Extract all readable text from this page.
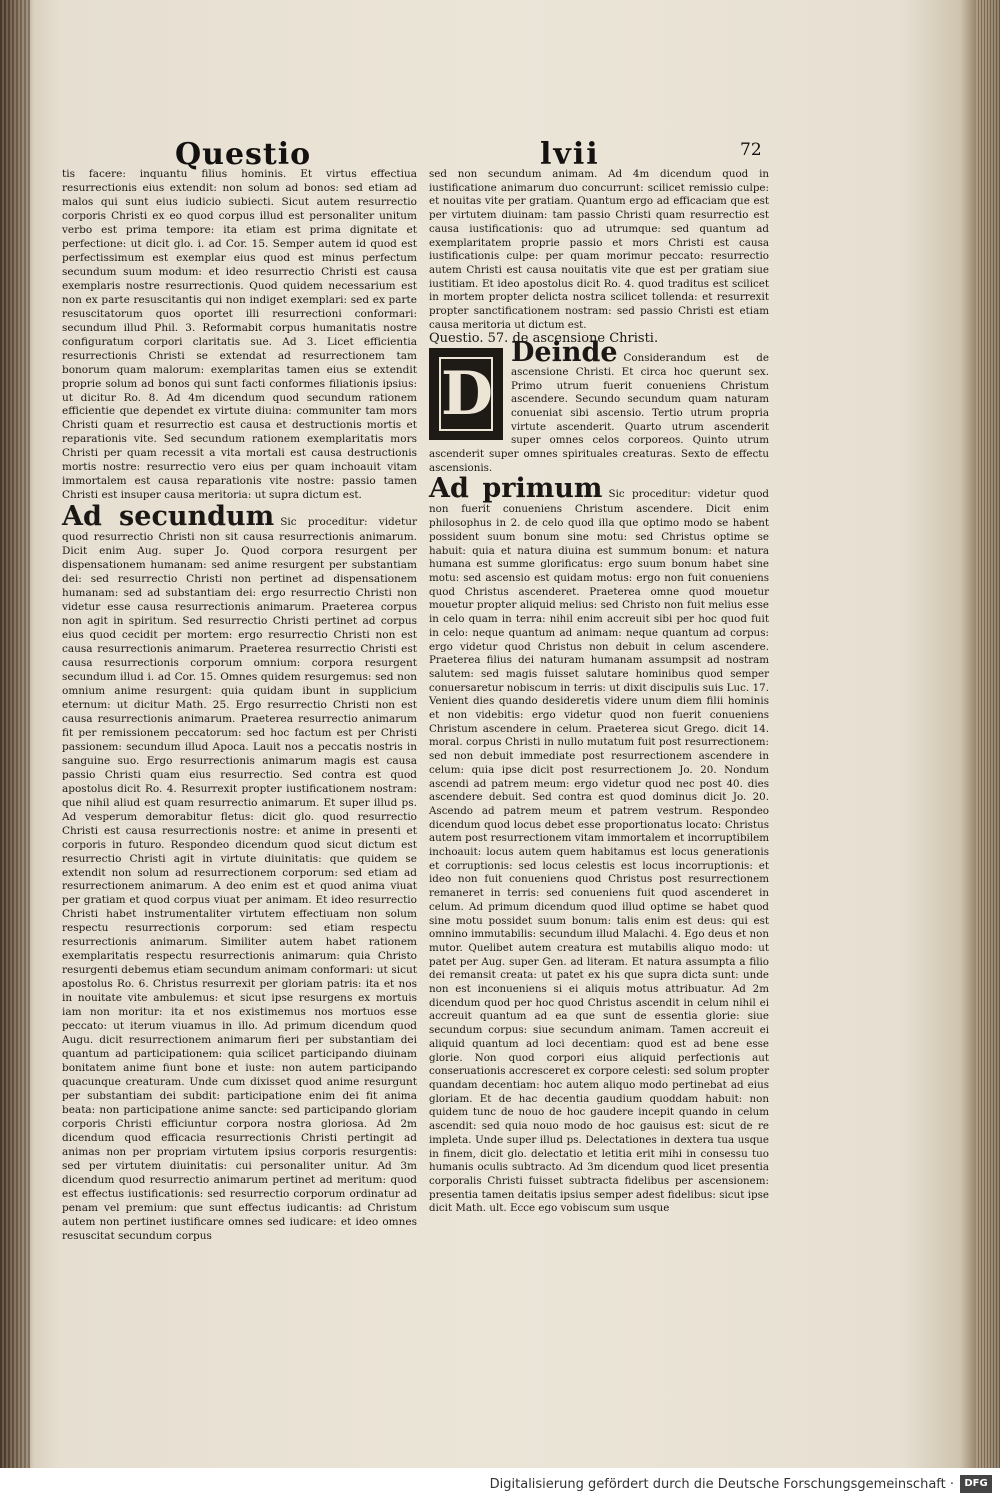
Questio	lvii	72

tis facere: inquantu filius hominis. Et virtus effectiua resurrectionis eius extendit: non solum ad bonos: sed etiam ad malos qui sunt eius iudicio subiecti. Sicut autem resurrectio corporis Christi ex eo quod corpus illud est personaliter unitum verbo est prima tempore: ita etiam est prima dignitate et perfectione: ut dicit glo. i. ad Cor. 15. Semper autem id quod est perfectissimum est exemplar eius quod est minus perfectum secundum suum modum: et ideo resurrectio Christi est causa exemplaris nostre resurrectionis. Quod quidem necessarium est non ex parte resuscitantis qui non indiget exemplari: sed ex parte resuscitatorum quos oportet illi resurrectioni conformari: secundum illud Phil. 3. Reformabit corpus humanitatis nostre configuratum corpori claritatis sue. Ad 3. Licet efficientia resurrectionis Christi se extendat ad resurrectionem tam bonorum quam malorum: exemplaritas tamen eius se extendit proprie solum ad bonos qui sunt facti conformes filiationis ipsius: ut dicitur Ro. 8. Ad 4m dicendum quod secundum rationem efficientie que dependet ex virtute diuina: communiter tam mors Christi quam et resurrectio est causa et destructionis mortis et reparationis vite. Sed secundum rationem exemplaritatis mors Christi per quam recessit a vita mortali est causa destructionis mortis nostre: resurrectio vero eius per quam inchoauit vitam immortalem est causa reparationis vite nostre: passio tamen Christi est insuper causa meritoria: ut supra dictum est.

Ad secundum Sic proceditur: videtur quod resurrectio Christi non sit causa resurrectionis animarum. Dicit enim Aug. super Jo. Quod corpora resurgent per dispensationem humanam: sed anime resurgent per substantiam dei: sed resurrectio Christi non pertinet ad dispensationem humanam: sed ad substantiam dei: ergo resurrectio Christi non videtur esse causa resurrectionis animarum. Praeterea corpus non agit in spiritum. Sed resurrectio Christi pertinet ad corpus eius quod cecidit per mortem: ergo resurrectio Christi non est causa resurrectionis animarum. Praeterea resurrectio Christi est causa resurrectionis corporum omnium: corpora resurgent secundum illud i. ad Cor. 15. Omnes quidem resurgemus: sed non omnium anime resurgent: quia quidam ibunt in supplicium eternum: ut dicitur Math. 25. Ergo resurrectio Christi non est causa resurrectionis animarum. Praeterea resurrectio animarum fit per remissionem peccatorum: sed hoc factum est per Christi passionem: secundum illud Apoca. Lauit nos a peccatis nostris in sanguine suo. Ergo resurrectionis animarum magis est causa passio Christi quam eius resurrectio. Sed contra est quod apostolus dicit Ro. 4. Resurrexit propter iustificationem nostram: que nihil aliud est quam resurrectio animarum. Et super illud ps. Ad vesperum demorabitur fletus: dicit glo. quod resurrectio Christi est causa resurrectionis nostre: et anime in presenti et corporis in futuro. Respondeo dicendum quod sicut dictum est resurrectio Christi agit in virtute diuinitatis: que quidem se extendit non solum ad resurrectionem corporum: sed etiam ad resurrectionem animarum. A deo enim est et quod anima viuat per gratiam et quod corpus viuat per animam. Et ideo resurrectio Christi habet instrumentaliter virtutem effectiuam non solum respectu resurrectionis corporum: sed etiam respectu resurrectionis animarum. Similiter autem habet rationem exemplaritatis respectu resurrectionis animarum: quia Christo resurgenti debemus etiam secundum animam conformari: ut sicut apostolus Ro. 6. Christus resurrexit per gloriam patris: ita et nos in nouitate vite ambulemus: et sicut ipse resurgens ex mortuis iam non moritur: ita et nos existimemus nos mortuos esse peccato: ut iterum viuamus in illo. Ad primum dicendum quod Augu. dicit resurrectionem animarum fieri per substantiam dei quantum ad participationem: quia scilicet participando diuinam bonitatem anime fiunt bone et iuste: non autem participando quacunque creaturam. Unde cum dixisset quod anime resurgunt per substantiam dei subdit: participatione enim dei fit anima beata: non participatione anime sancte: sed participando gloriam corporis Christi efficiuntur corpora nostra gloriosa. Ad 2m dicendum quod efficacia resurrectionis Christi pertingit ad animas non per propriam virtutem ipsius corporis resurgentis: sed per virtutem diuinitatis: cui personaliter unitur. Ad 3m dicendum quod resurrectio animarum pertinet ad meritum: quod est effectus iustificationis: sed resurrectio corporum ordinatur ad penam vel premium: que sunt effectus iudicantis: ad Christum autem non pertinet iustificare omnes sed iudicare: et ideo omnes resuscitat secundum corpus

sed non secundum animam. Ad 4m dicendum quod in iustificatione animarum duo concurrunt: scilicet remissio culpe: et nouitas vite per gratiam. Quantum ergo ad efficaciam que est per virtutem diuinam: tam passio Christi quam resurrectio est causa iustificationis: quo ad utrumque: sed quantum ad exemplaritatem proprie passio et mors Christi est causa iustificationis culpe: per quam morimur peccato: resurrectio autem Christi est causa nouitatis vite que est per gratiam siue iustitiam. Et ideo apostolus dicit Ro. 4. quod traditus est scilicet in mortem propter delicta nostra scilicet tollenda: et resurrexit propter sanctificationem nostram: sed passio Christi est etiam causa meritoria ut dictum est.

Questio. 57. de ascensione Christi.

D

Deinde Considerandum est de ascensione Christi. Et circa hoc querunt sex. Primo utrum fuerit conueniens Christum ascendere. Secundo secundum quam naturam conueniat sibi ascensio. Tertio utrum propria virtute ascenderit. Quarto utrum ascenderit super omnes celos corporeos. Quinto utrum ascenderit super omnes spirituales creaturas. Sexto de effectu ascensionis.

Ad primum Sic proceditur: videtur quod non fuerit conueniens Christum ascendere. Dicit enim philosophus in 2. de celo quod illa que optimo modo se habent possident suum bonum sine motu: sed Christus optime se habuit: quia et natura diuina est summum bonum: et natura humana est summe glorificatus: ergo suum bonum habet sine motu: sed ascensio est quidam motus: ergo non fuit conueniens quod Christus ascenderet. Praeterea omne quod mouetur mouetur propter aliquid melius: sed Christo non fuit melius esse in celo quam in terra: nihil enim accreuit sibi per hoc quod fuit in celo: neque quantum ad animam: neque quantum ad corpus: ergo videtur quod Christus non debuit in celum ascendere. Praeterea filius dei naturam humanam assumpsit ad nostram salutem: sed magis fuisset salutare hominibus quod semper conuersaretur nobiscum in terris: ut dixit discipulis suis Luc. 17. Venient dies quando desideretis videre unum diem filii hominis et non videbitis: ergo videtur quod non fuerit conueniens Christum ascendere in celum. Praeterea sicut Grego. dicit 14. moral. corpus Christi in nullo mutatum fuit post resurrectionem: sed non debuit immediate post resurrectionem ascendere in celum: quia ipse dicit post resurrectionem Jo. 20. Nondum ascendi ad patrem meum: ergo videtur quod nec post 40. dies ascendere debuit. Sed contra est quod dominus dicit Jo. 20. Ascendo ad patrem meum et patrem vestrum. Respondeo dicendum quod locus debet esse proportionatus locato: Christus autem post resurrectionem vitam immortalem et incorruptibilem inchoauit: locus autem quem habitamus est locus generationis et corruptionis: sed locus celestis est locus incorruptionis: et ideo non fuit conueniens quod Christus post resurrectionem remaneret in terris: sed conueniens fuit quod ascenderet in celum. Ad primum dicendum quod illud optime se habet quod sine motu possidet suum bonum: talis enim est deus: qui est omnino immutabilis: secundum illud Malachi. 4. Ego deus et non mutor. Quelibet autem creatura est mutabilis aliquo modo: ut patet per Aug. super Gen. ad literam. Et natura assumpta a filio dei remansit creata: ut patet ex his que supra dicta sunt: unde non est inconueniens si ei aliquis motus attribuatur. Ad 2m dicendum quod per hoc quod Christus ascendit in celum nihil ei accreuit quantum ad ea que sunt de essentia glorie: siue secundum corpus: siue secundum animam. Tamen accreuit ei aliquid quantum ad loci decentiam: quod est ad bene esse glorie. Non quod corpori eius aliquid perfectionis aut conseruationis accresceret ex corpore celesti: sed solum propter quandam decentiam: hoc autem aliquo modo pertinebat ad eius gloriam. Et de hac decentia gaudium quoddam habuit: non quidem tunc de nouo de hoc gaudere incepit quando in celum ascendit: sed quia nouo modo de hoc gauisus est: sicut de re impleta. Unde super illud ps. Delectationes in dextera tua usque in finem, dicit glo. delectatio et letitia erit mihi in consessu tuo humanis oculis subtracto. Ad 3m dicendum quod licet presentia corporalis Christi fuisset subtracta fidelibus per ascensionem: presentia tamen deitatis ipsius semper adest fidelibus: sicut ipse dicit Math. ult. Ecce ego vobiscum sum usque

Digitalisierung gefördert durch die Deutsche Forschungsgemeinschaft ·	DFG
